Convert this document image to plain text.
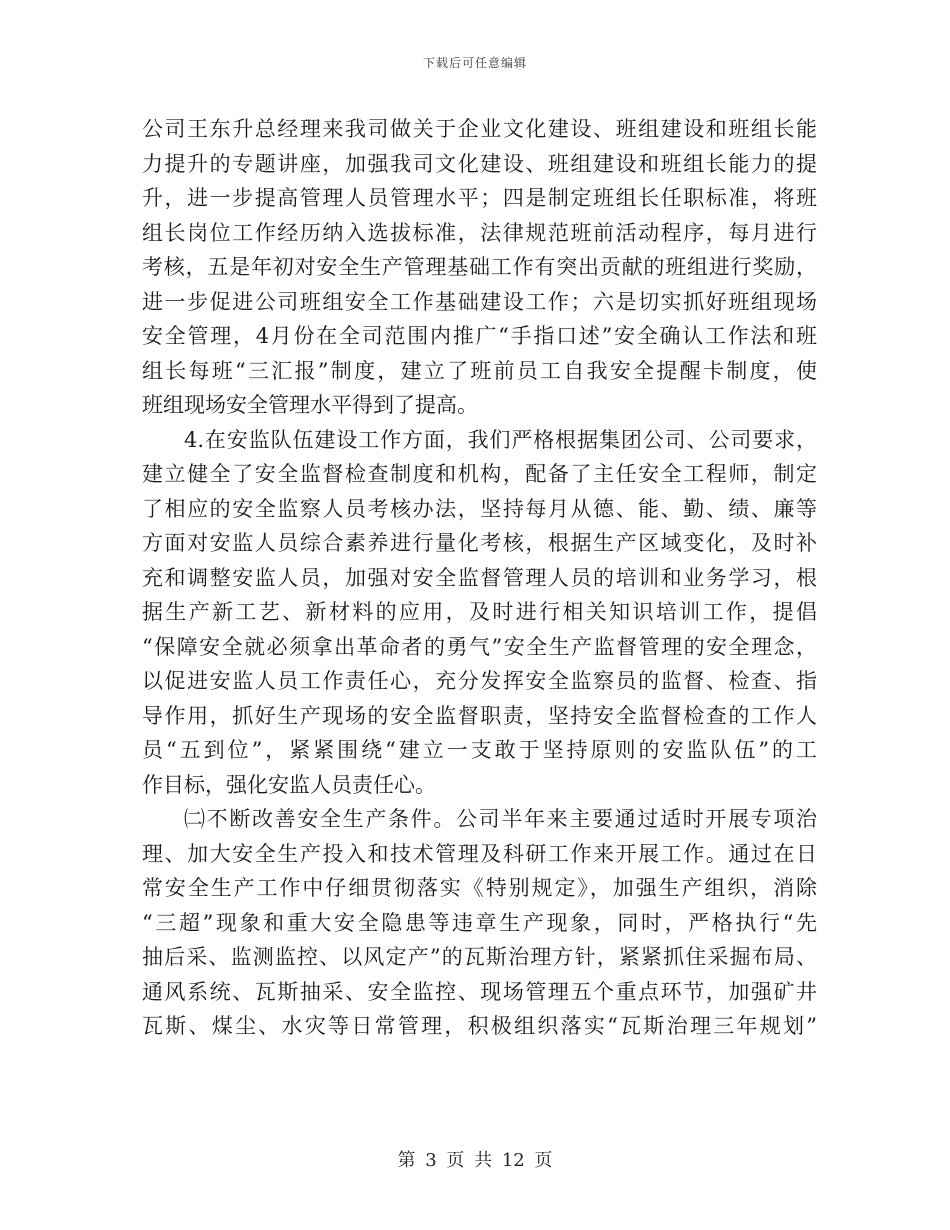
下载后可任意编辑
公司王东升总经理来我司做关于企业文化建设、班组建设和班组长能
力提升的专题讲座，加强我司文化建设、班组建设和班组长能力的提
升，进一步提高管理人员管理水平；四是制定班组长任职标准，将班
组长岗位工作经历纳入选拔标准，法律规范班前活动程序，每月进行
考核，五是年初对安全生产管理基础工作有突出贡献的班组进行奖励，
进一步促进公司班组安全工作基础建设工作；六是切实抓好班组现场
安全管理，4月份在全司范围内推广“手指口述”安全确认工作法和班
组长每班“三汇报”制度，建立了班前员工自我安全提醒卡制度，使
班组现场安全管理水平得到了提高。
4.在安监队伍建设工作方面，我们严格根据集团公司、公司要求，
建立健全了安全监督检查制度和机构，配备了主任安全工程师，制定
了相应的安全监察人员考核办法，坚持每月从德、能、勤、绩、廉等
方面对安监人员综合素养进行量化考核，根据生产区域变化，及时补
充和调整安监人员，加强对安全监督管理人员的培训和业务学习，根
据生产新工艺、新材料的应用，及时进行相关知识培训工作，提倡
“保障安全就必须拿出革命者的勇气”安全生产监督管理的安全理念，
以促进安监人员工作责任心，充分发挥安全监察员的监督、检查、指
导作用，抓好生产现场的安全监督职责，坚持安全监督检查的工作人
员“五到位”，紧紧围绕“建立一支敢于坚持原则的安监队伍”的工
作目标，强化安监人员责任心。
㈡不断改善安全生产条件。公司半年来主要通过适时开展专项治
理、加大安全生产投入和技术管理及科研工作来开展工作。通过在日
常安全生产工作中仔细贯彻落实《特别规定》，加强生产组织，消除
“三超”现象和重大安全隐患等违章生产现象，同时，严格执行“先
抽后采、监测监控、以风定产”的瓦斯治理方针，紧紧抓住采掘布局、
通风系统、瓦斯抽采、安全监控、现场管理五个重点环节，加强矿井
瓦斯、煤尘、水灾等日常管理，积极组织落实“瓦斯治理三年规划”
第 3 页 共 12 页
